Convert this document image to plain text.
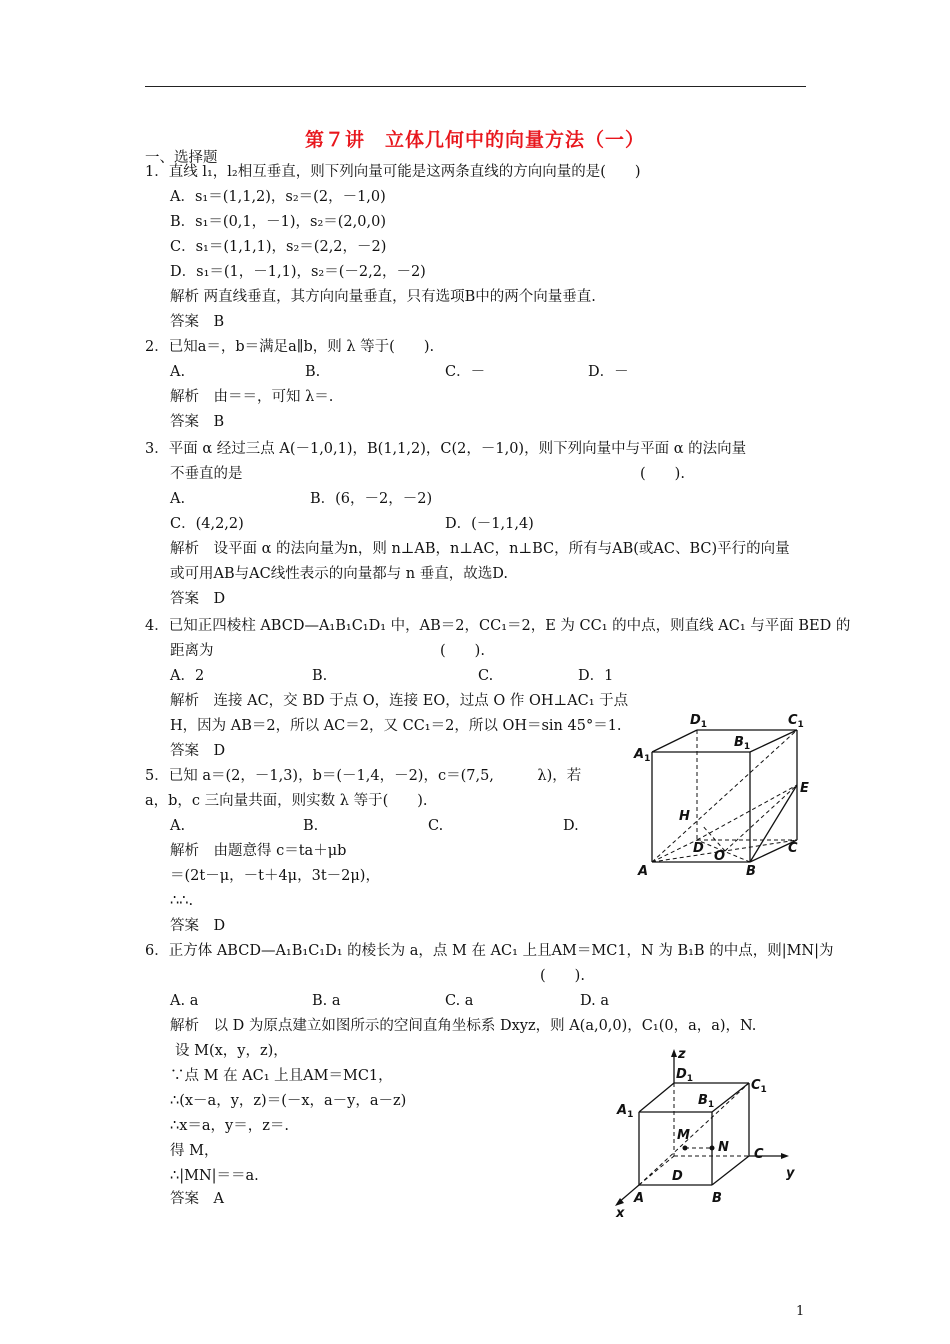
第７讲　立体几何中的向量方法（一）
一、选择题
1．直线 l₁，l₂相互垂直，则下列向量可能是这两条直线的方向向量的是(　　)
A．s₁＝(1,1,2)，s₂＝(2，－1,0)
B．s₁＝(0,1，－1)，s₂＝(2,0,0)
C．s₁＝(1,1,1)，s₂＝(2,2，－2)
D．s₁＝(1，－1,1)，s₂＝(－2,2，－2)
解析 两直线垂直，其方向向量垂直，只有选项B中的两个向量垂直.
答案　B
2．已知a＝，b＝满足a∥b，则 λ 等于(　　).
A.	B.	C．－	D．－
解析　由＝＝，可知 λ＝.
答案　B
3．平面 α 经过三点 A(－1,0,1)，B(1,1,2)，C(2，－1,0)，则下列向量中与平面 α 的法向量
不垂直的是	(　　).
A.	B．(6，－2，－2)
C．(4,2,2)	D．(－1,1,4)
解析　设平面 α 的法向量为n，则 n⊥AB，n⊥AC，n⊥BC，所有与AB(或AC、BC)平行的向量
或可用AB与AC线性表示的向量都与 n 垂直，故选D.
答案　D
4．已知正四棱柱 ABCD—A₁B₁C₁D₁ 中，AB＝2，CC₁＝2，E 为 CC₁ 的中点，则直线 AC₁ 与平面 BED 的
距离为	(　　).
A．2	B.	C.	D．1
解析　连接 AC，交 BD 于点 O，连接 EO，过点 O 作 OH⊥AC₁ 于点
H，因为 AB＝2，所以 AC＝2，又 CC₁＝2，所以 OH＝sin 45°＝1.
答案　D
5．已知 a＝(2，－1,3)，b＝(－1,4，－2)，c＝(7,5,　　　λ)，若
a，b，c 三向量共面，则实数 λ 等于(　　).
A.	B.	C.	D.
解析　由题意得 c＝ta＋μb
＝(2t－μ，－t＋4μ，3t－2μ)，
∴∴.
答案　D
6．正方体 ABCD—A₁B₁C₁D₁ 的棱长为 a，点 M 在 AC₁ 上且AM＝MC1，N 为 B₁B 的中点，则|MN|为
(　　).
A. a	B. a	C. a	D. a
解析　以 D 为原点建立如图所示的空间直角坐标系 Dxyz，则 A(a,0,0)，C₁(0，a，a)，N.
设 M(x，y，z)，
∵点 M 在 AC₁ 上且AM＝MC1，
∴(x－a，y，z)＝(－x，a－y，a－z)
∴x＝a，y＝，z＝.
得 M，
∴|MN|＝＝a.
答案　A
$A_1$
$D_1$
$B_1$
$C_1$
E
H
D
O
C
A	B
z
y
x
$D_1$	$C_1$
$B_1$
$A_1$
M
N C
D
A	B
1
